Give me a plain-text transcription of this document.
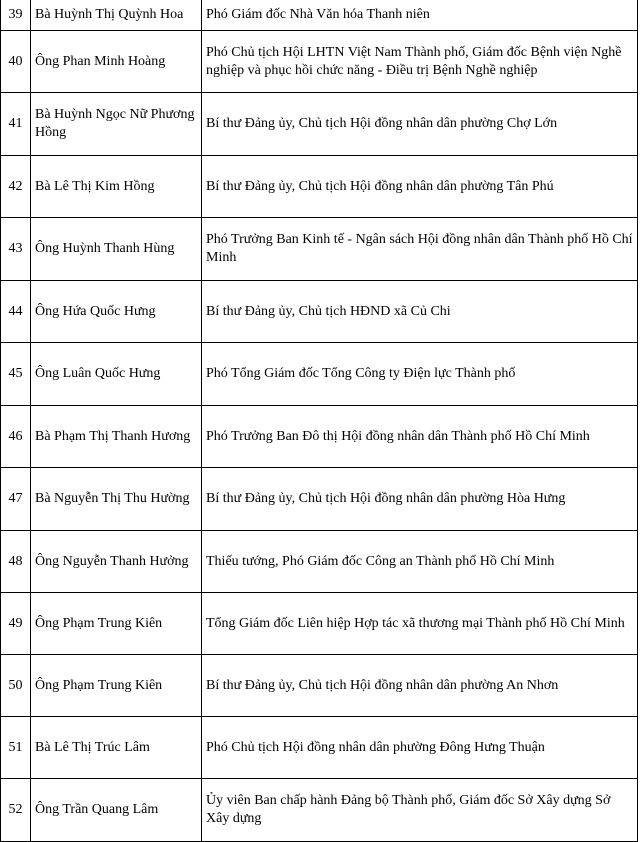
39	Bà Huỳnh Thị Quỳnh Hoa	Phó Giám đốc Nhà Văn hóa Thanh niên
40	Ông Phan Minh Hoàng	Phó Chủ tịch Hội LHTN Việt Nam Thành phố, Giám đốc Bệnh viện Nghề nghiệp và phục hồi chức năng - Điều trị Bệnh Nghề nghiệp
41	Bà Huỳnh Ngọc Nữ Phương Hồng	Bí thư Đảng ủy, Chủ tịch Hội đồng nhân dân phường Chợ Lớn
42	Bà Lê Thị Kim Hồng	Bí thư Đảng ủy, Chủ tịch Hội đồng nhân dân phường Tân Phú
43	Ông Huỳnh Thanh Hùng	Phó Trưởng Ban Kinh tế - Ngân sách Hội đồng nhân dân Thành phố Hồ Chí Minh
44	Ông Hứa Quốc Hưng	Bí thư Đảng ủy, Chủ tịch HĐND xã Củ Chi
45	Ông Luân Quốc Hưng	Phó Tổng Giám đốc Tổng Công ty Điện lực Thành phố
46	Bà Phạm Thị Thanh Hương	Phó Trưởng Ban Đô thị Hội đồng nhân dân Thành phố Hồ Chí Minh
47	Bà Nguyễn Thị Thu Hường	Bí thư Đảng ủy, Chủ tịch Hội đồng nhân dân phường Hòa Hưng
48	Ông Nguyễn Thanh Hưởng	Thiếu tướng, Phó Giám đốc Công an Thành phố Hồ Chí Minh
49	Ông Phạm Trung Kiên	Tổng Giám đốc Liên hiệp Hợp tác xã thương mại Thành phố Hồ Chí Minh
50	Ông Phạm Trung Kiên	Bí thư Đảng ủy, Chủ tịch Hội đồng nhân dân phường An Nhơn
51	Bà Lê Thị Trúc Lâm	Phó Chủ tịch Hội đồng nhân dân phường Đông Hưng Thuận
52	Ông Trần Quang Lâm	Ủy viên Ban chấp hành Đảng bộ Thành phố, Giám đốc Sở Xây dựng Sở Xây dựng
